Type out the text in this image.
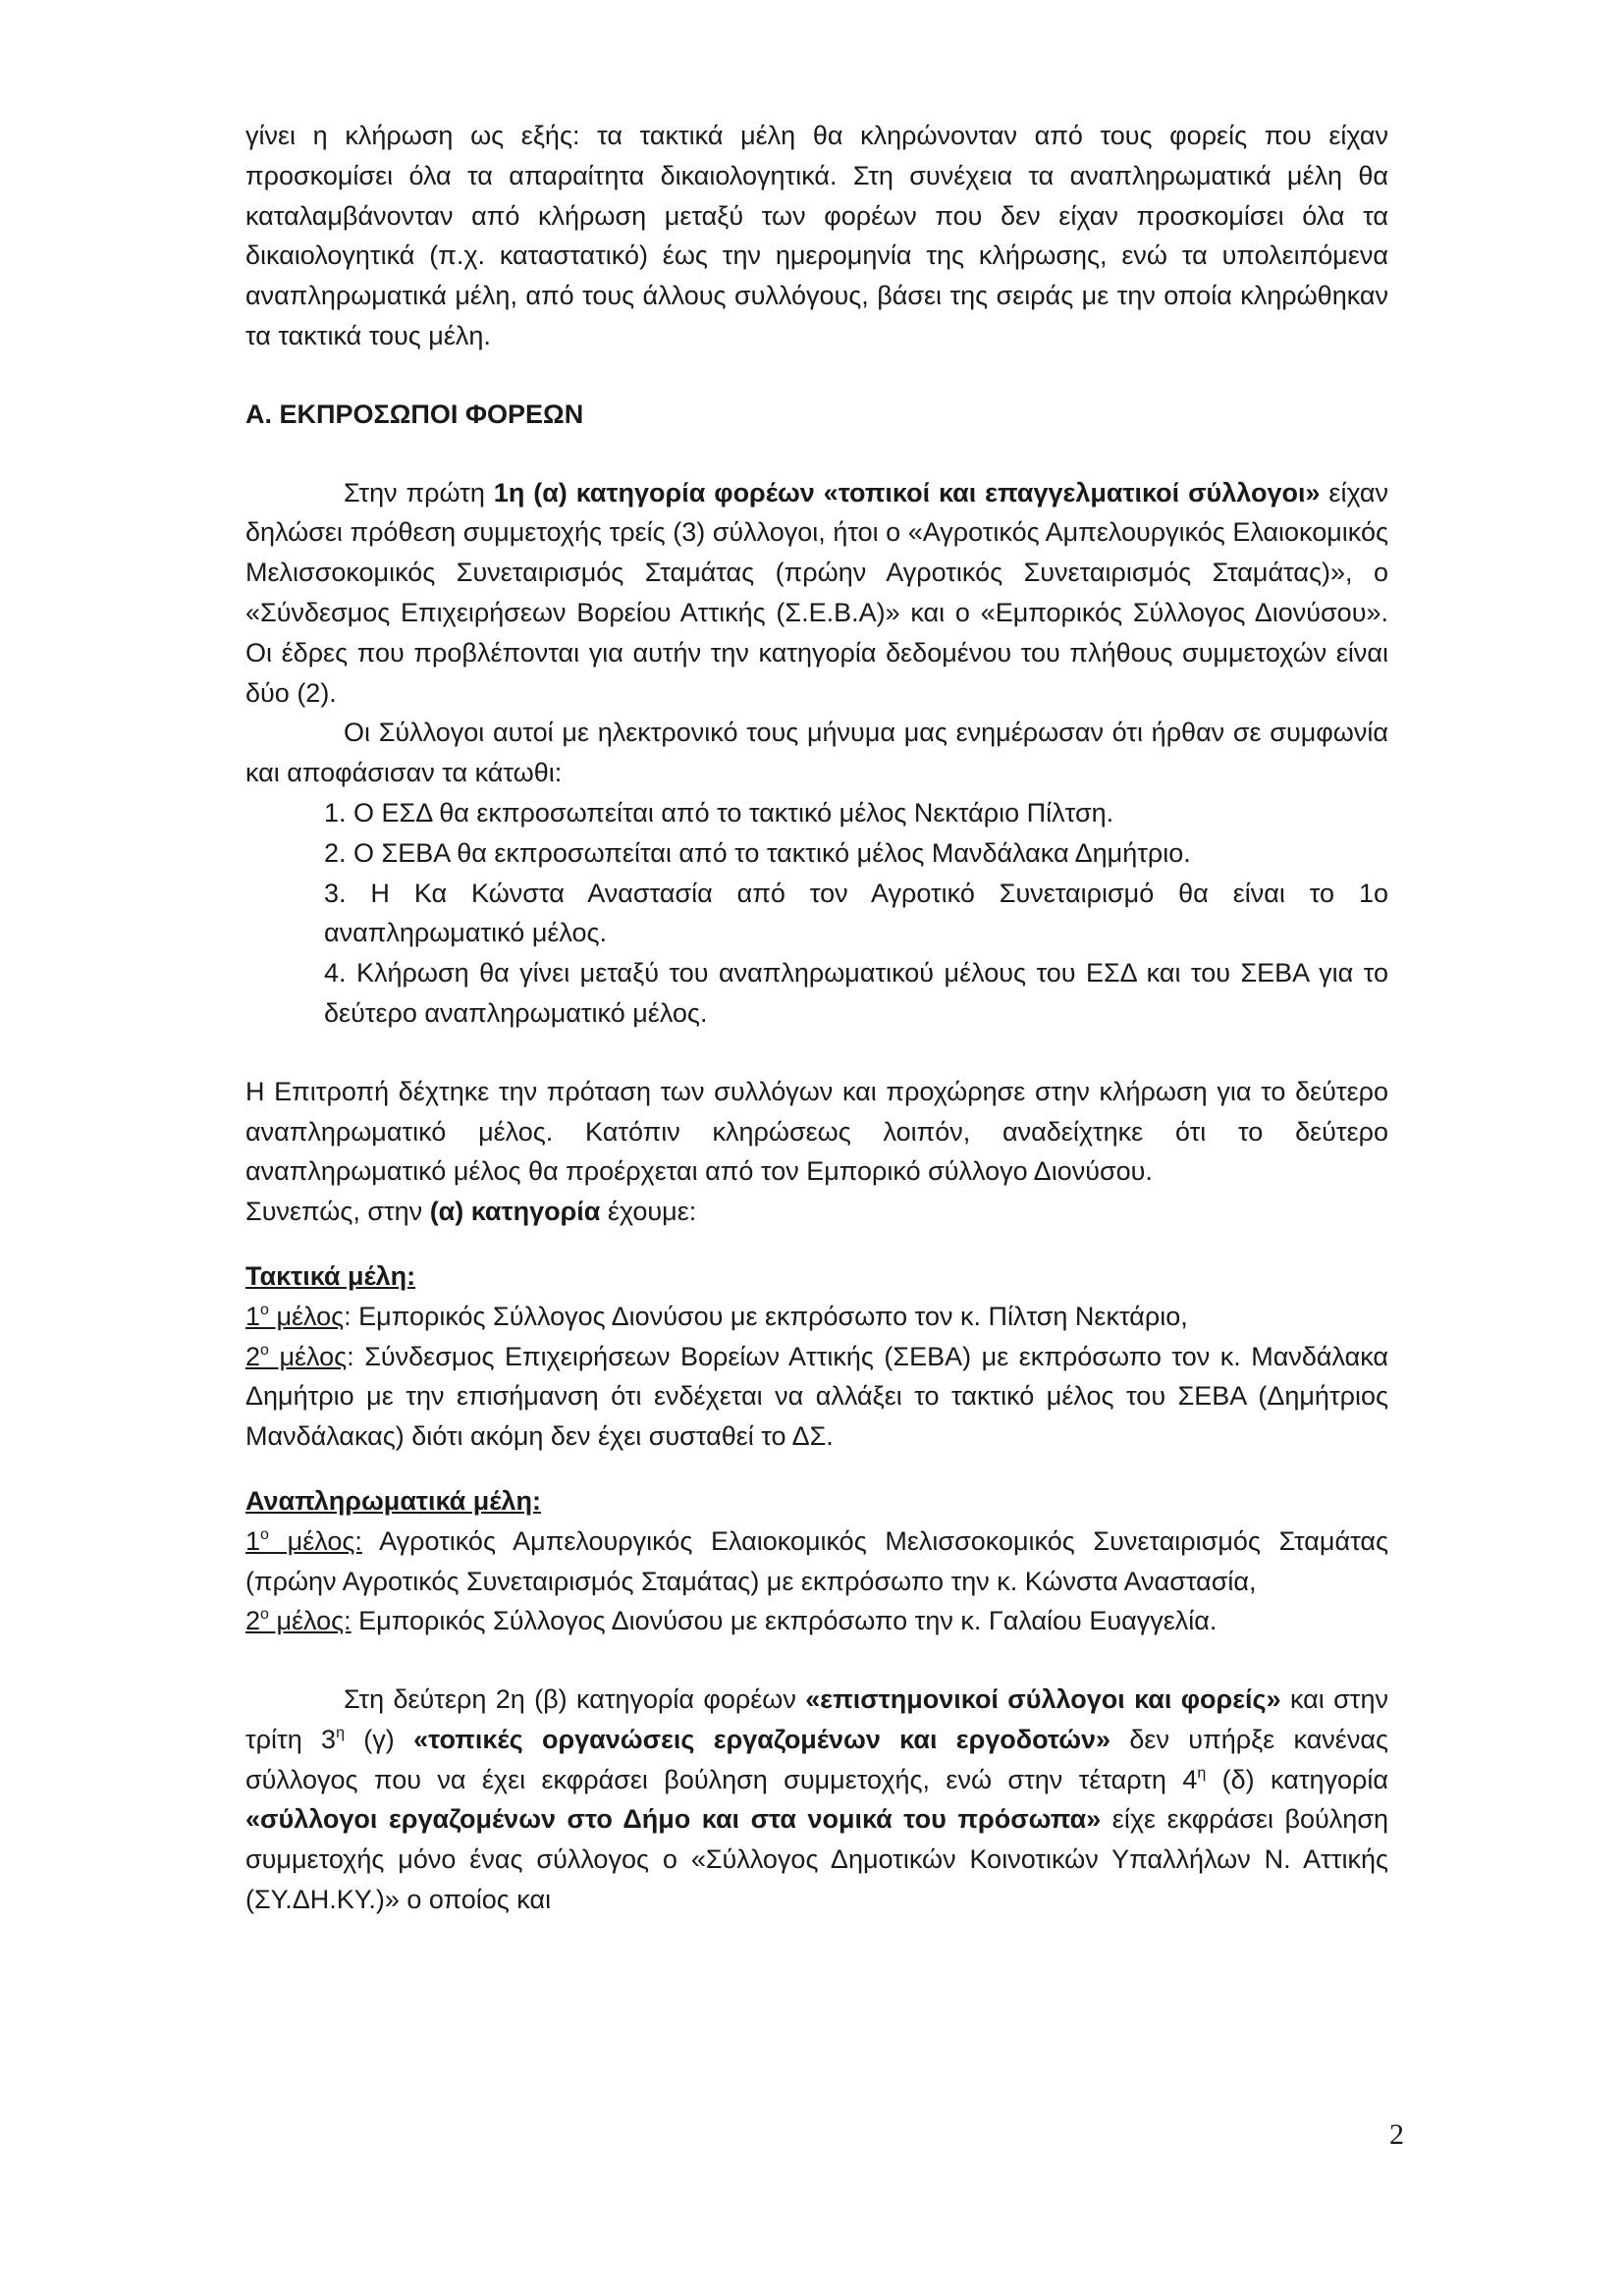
γίνει η κλήρωση ως εξής: τα τακτικά μέλη θα κληρώνονταν από τους φορείς που είχαν προσκομίσει όλα τα απαραίτητα δικαιολογητικά. Στη συνέχεια τα αναπληρωματικά μέλη θα καταλαμβάνονταν από κλήρωση μεταξύ των φορέων που δεν είχαν προσκομίσει όλα τα δικαιολογητικά (π.χ. καταστατικό) έως την ημερομηνία της κλήρωσης, ενώ τα υπολειπόμενα αναπληρωματικά μέλη, από τους άλλους συλλόγους, βάσει της σειράς με την οποία κληρώθηκαν τα τακτικά τους μέλη.

Α. ΕΚΠΡΟΣΩΠΟΙ ΦΟΡΕΩΝ

Στην πρώτη 1η (α) κατηγορία φορέων «τοπικοί και επαγγελματικοί σύλλογοι» είχαν δηλώσει πρόθεση συμμετοχής τρείς (3) σύλλογοι, ήτοι ο «Αγροτικός Αμπελουργικός Ελαιοκομικός Μελισσοκομικός Συνεταιρισμός Σταμάτας (πρώην Αγροτικός Συνεταιρισμός Σταμάτας)», ο «Σύνδεσμος Επιχειρήσεων Βορείου Αττικής (Σ.Ε.Β.Α)» και ο «Εμπορικός Σύλλογος Διονύσου». Οι έδρες που προβλέπονται για αυτήν την κατηγορία δεδομένου του πλήθους συμμετοχών είναι δύο (2).

Οι Σύλλογοι αυτοί με ηλεκτρονικό τους μήνυμα μας ενημέρωσαν ότι ήρθαν σε συμφωνία και αποφάσισαν τα κάτωθι:

1. Ο ΕΣΔ θα εκπροσωπείται από το τακτικό μέλος Νεκτάριο Πίλτση.
2. Ο ΣΕΒΑ θα εκπροσωπείται από το τακτικό μέλος Μανδάλακα Δημήτριο.
3. Η Κα Κώνστα Αναστασία από τον Αγροτικό Συνεταιρισμό θα είναι το 1ο αναπληρωματικό μέλος.
4. Κλήρωση θα γίνει μεταξύ του αναπληρωματικού μέλους του ΕΣΔ και του ΣΕΒΑ για το δεύτερο αναπληρωματικό μέλος.

Η Επιτροπή δέχτηκε την πρόταση των συλλόγων και προχώρησε στην κλήρωση για το δεύτερο αναπληρωματικό μέλος. Κατόπιν κληρώσεως λοιπόν, αναδείχτηκε ότι το δεύτερο αναπληρωματικό μέλος θα προέρχεται από τον Εμπορικό σύλλογο Διονύσου.

Συνεπώς, στην (α) κατηγορία έχουμε:

Τακτικά μέλη:

$1^o$ μέλος: Εμπορικός Σύλλογος Διονύσου με εκπρόσωπο τον κ. Πίλτση Νεκτάριο,

$2^o$ μέλος: Σύνδεσμος Επιχειρήσεων Βορείων Αττικής (ΣΕΒΑ) με εκπρόσωπο τον κ. Μανδάλακα Δημήτριο με την επισήμανση ότι ενδέχεται να αλλάξει το τακτικό μέλος του ΣΕΒΑ (Δημήτριος Μανδάλακας) διότι ακόμη δεν έχει συσταθεί το ΔΣ.

Αναπληρωματικά μέλη:

$1^o$ μέλος: Αγροτικός Αμπελουργικός Ελαιοκομικός Μελισσοκομικός Συνεταιρισμός Σταμάτας (πρώην Αγροτικός Συνεταιρισμός Σταμάτας) με εκπρόσωπο την κ. Κώνστα Αναστασία,

$2^o$ μέλος: Εμπορικός Σύλλογος Διονύσου με εκπρόσωπο την κ. Γαλαίου Ευαγγελία.

Στη δεύτερη 2η (β) κατηγορία φορέων «επιστημονικοί σύλλογοι και φορείς» και στην τρίτη $3^\eta$ (γ) «τοπικές οργανώσεις εργαζομένων και εργοδοτών» δεν υπήρξε κανένας σύλλογος που να έχει εκφράσει βούληση συμμετοχής, ενώ στην τέταρτη $4^\eta$ (δ) κατηγορία «σύλλογοι εργαζομένων στο Δήμο και στα νομικά του πρόσωπα» είχε εκφράσει βούληση συμμετοχής μόνο ένας σύλλογος ο «Σύλλογος Δημοτικών Κοινοτικών Υπαλλήλων Ν. Αττικής (ΣΥ.ΔΗ.ΚΥ.)» ο οποίος και

2
